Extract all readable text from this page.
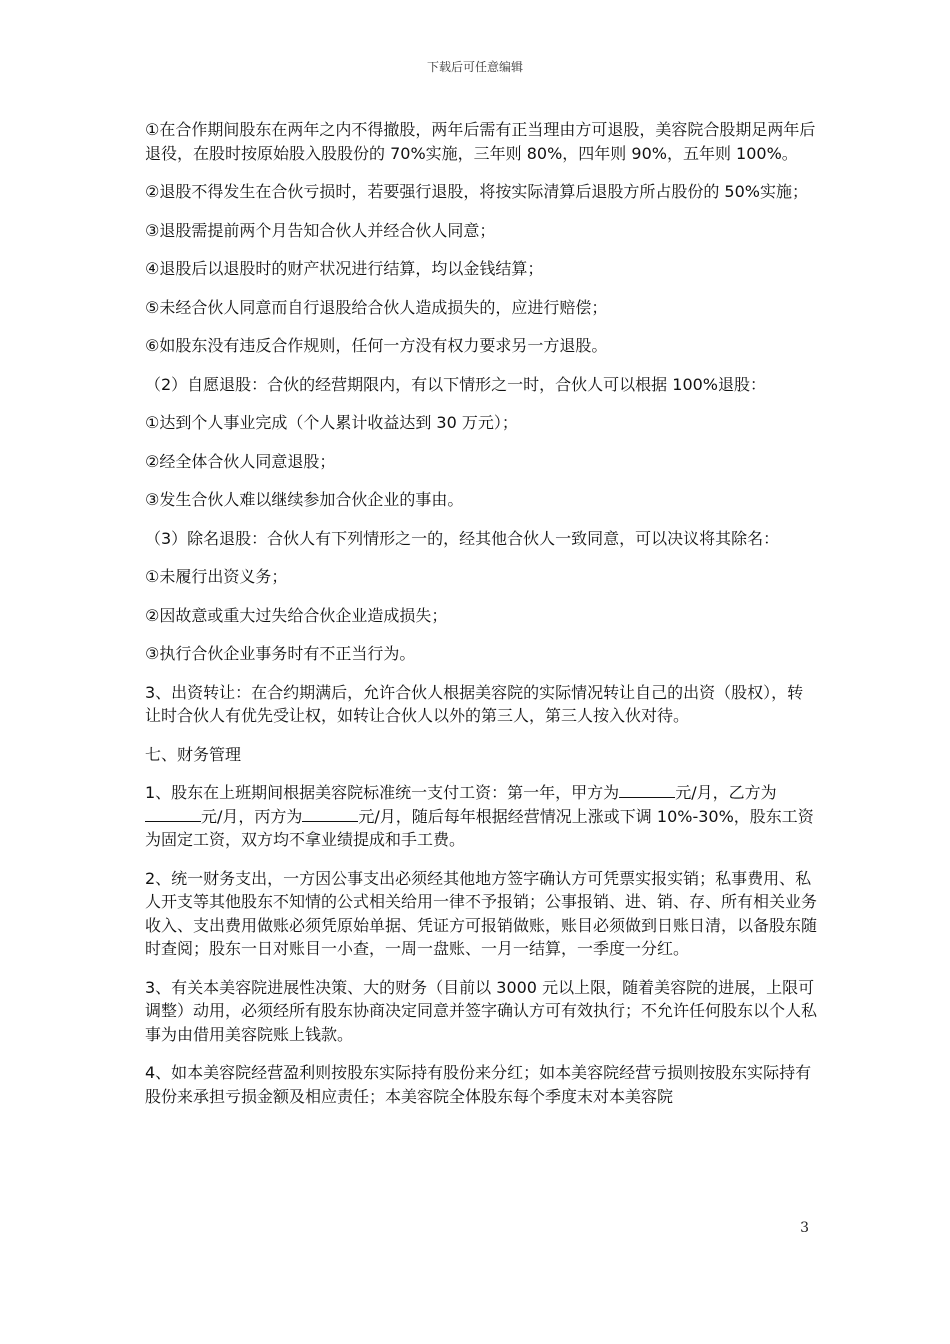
下载后可任意编辑

①在合作期间股东在两年之内不得撤股，两年后需有正当理由方可退股，美容院合股期足两年后退役，在股时按原始股入股股份的 70%实施，三年则 80%，四年则 90%，五年则 100%。

②退股不得发生在合伙亏损时，若要强行退股，将按实际清算后退股方所占股份的 50%实施；

③退股需提前两个月告知合伙人并经合伙人同意；

④退股后以退股时的财产状况进行结算，均以金钱结算；

⑤未经合伙人同意而自行退股给合伙人造成损失的，应进行赔偿；

⑥如股东没有违反合作规则，任何一方没有权力要求另一方退股。

（2）自愿退股：合伙的经营期限内，有以下情形之一时，合伙人可以根据 100%退股：

①达到个人事业完成（个人累计收益达到 30 万元）；

②经全体合伙人同意退股；

③发生合伙人难以继续参加合伙企业的事由。

（3）除名退股：合伙人有下列情形之一的，经其他合伙人一致同意，可以决议将其除名：

①未履行出资义务；

②因故意或重大过失给合伙企业造成损失；

③执行合伙企业事务时有不正当行为。

3、出资转让：在合约期满后，允许合伙人根据美容院的实际情况转让自己的出资（股权），转让时合伙人有优先受让权，如转让合伙人以外的第三人，第三人按入伙对待。

七、财务管理

1、股东在上班期间根据美容院标准统一支付工资：第一年，甲方为	元/月，乙方为元/月，丙方为	元/月，随后每年根据经营情况上涨或下调 10%-30%，股东工资为固定工资，双方均不拿业绩提成和手工费。

2、统一财务支出，一方因公事支出必须经其他地方签字确认方可凭票实报实销；私事费用、私人开支等其他股东不知情的公式相关给用一律不予报销；公事报销、进、销、存、所有相关业务收入、支出费用做账必须凭原始单据、凭证方可报销做账，账目必须做到日账日清，以备股东随时查阅；股东一日对账目一小查，一周一盘账、一月一结算，一季度一分红。

3、有关本美容院进展性决策、大的财务（目前以 3000 元以上限，随着美容院的进展，上限可调整）动用，必须经所有股东协商决定同意并签字确认方可有效执行；不允许任何股东以个人私事为由借用美容院账上钱款。

4、如本美容院经营盈利则按股东实际持有股份来分红；如本美容院经营亏损则按股东实际持有股份来承担亏损金额及相应责任；本美容院全体股东每个季度末对本美容院

3
